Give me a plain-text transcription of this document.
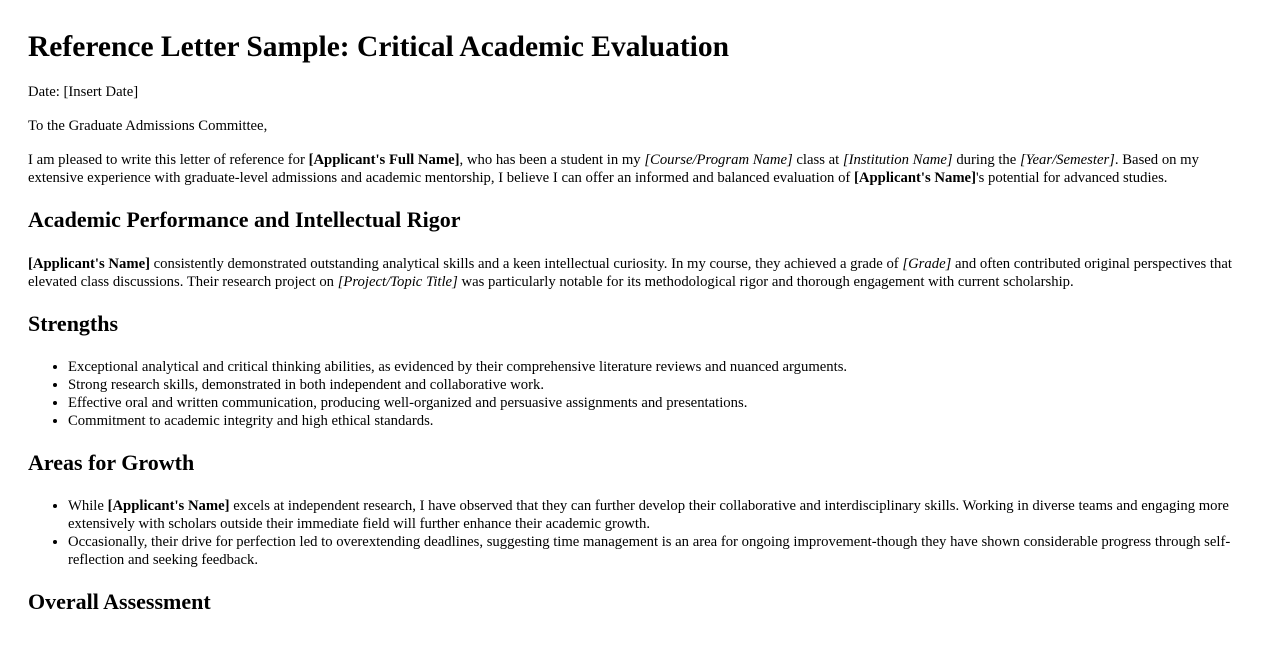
Reference Letter Sample: Critical Academic Evaluation

Date: [Insert Date]

To the Graduate Admissions Committee,

I am pleased to write this letter of reference for [Applicant's Full Name], who has been a student in my [Course/Program Name] class at [Institution Name] during the [Year/Semester]. Based on my extensive experience with graduate-level admissions and academic mentorship, I believe I can offer an informed and balanced evaluation of [Applicant's Name]'s potential for advanced studies.

Academic Performance and Intellectual Rigor

[Applicant's Name] consistently demonstrated outstanding analytical skills and a keen intellectual curiosity. In my course, they achieved a grade of [Grade] and often contributed original perspectives that elevated class discussions. Their research project on [Project/Topic Title] was particularly notable for its methodological rigor and thorough engagement with current scholarship.

Strengths
• Exceptional analytical and critical thinking abilities, as evidenced by their comprehensive literature reviews and nuanced arguments.
• Strong research skills, demonstrated in both independent and collaborative work.
• Effective oral and written communication, producing well-organized and persuasive assignments and presentations.
• Commitment to academic integrity and high ethical standards.
Areas for Growth
• While [Applicant's Name] excels at independent research, I have observed that they can further develop their collaborative and interdisciplinary skills. Working in diverse teams and engaging more extensively with scholars outside their immediate field will further enhance their academic growth.
• Occasionally, their drive for perfection led to overextending deadlines, suggesting time management is an area for ongoing improvement-though they have shown considerable progress through self-reflection and seeking feedback.
Overall Assessment
